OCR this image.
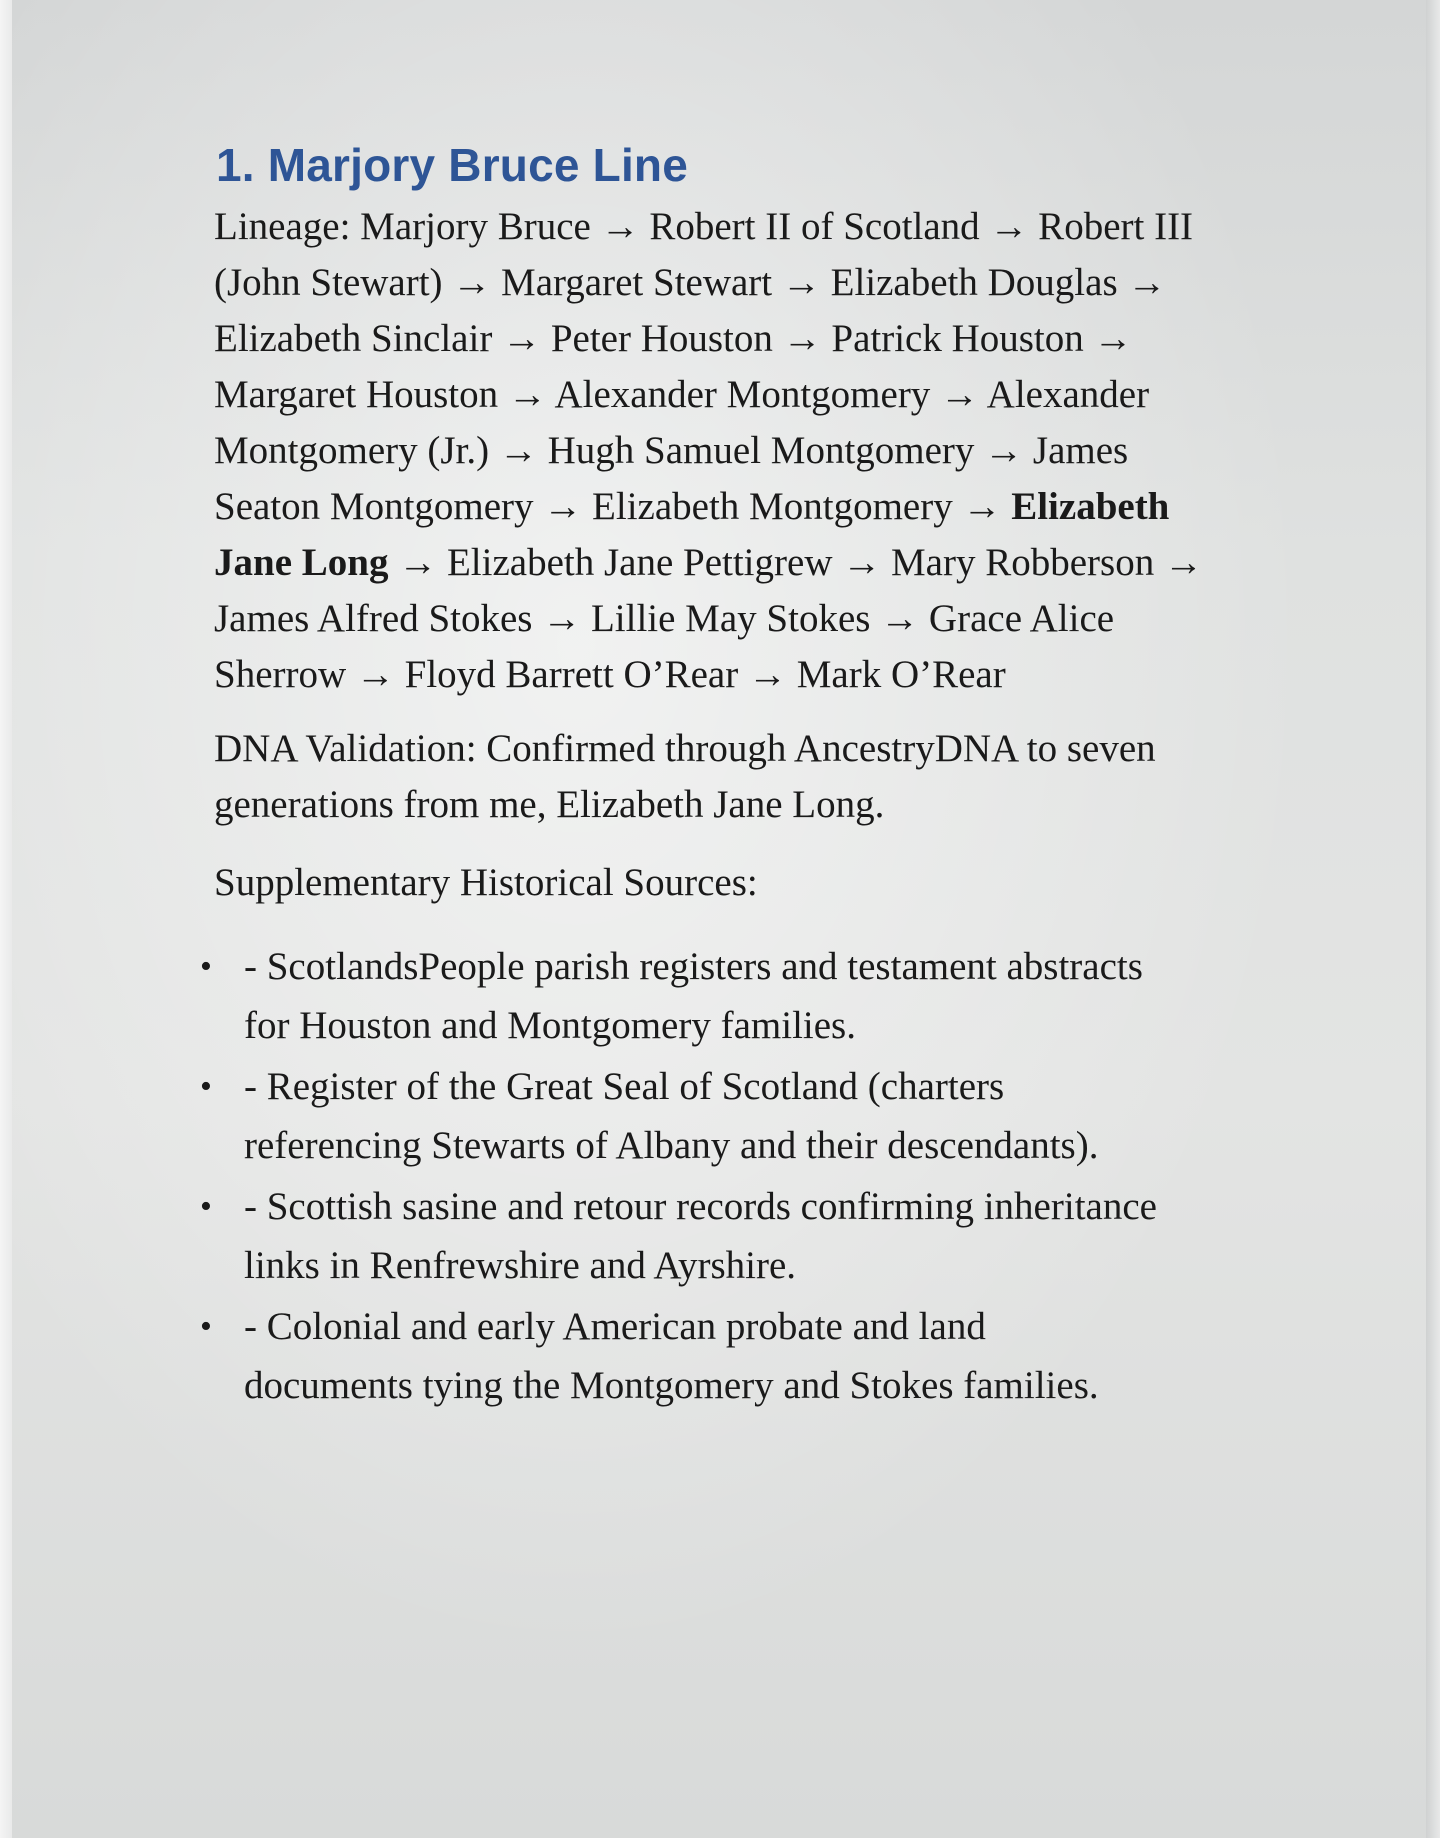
1. Marjory Bruce Line

Lineage: Marjory Bruce → Robert II of Scotland → Robert III (John Stewart) → Margaret Stewart → Elizabeth Douglas → Elizabeth Sinclair → Peter Houston → Patrick Houston → Margaret Houston → Alexander Montgomery → Alexander Montgomery (Jr.) → Hugh Samuel Montgomery → James Seaton Montgomery → Elizabeth Montgomery → Elizabeth Jane Long → Elizabeth Jane Pettigrew → Mary Robberson → James Alfred Stokes → Lillie May Stokes → Grace Alice Sherrow → Floyd Barrett O’Rear → Mark O’Rear

DNA Validation: Confirmed through AncestryDNA to seven generations from me, Elizabeth Jane Long.

Supplementary Historical Sources:

• - ScotlandsPeople parish registers and testament abstracts for Houston and Montgomery families.
• - Register of the Great Seal of Scotland (charters referencing Stewarts of Albany and their descendants).
• - Scottish sasine and retour records confirming inheritance links in Renfrewshire and Ayrshire.
• - Colonial and early American probate and land documents tying the Montgomery and Stokes families.
